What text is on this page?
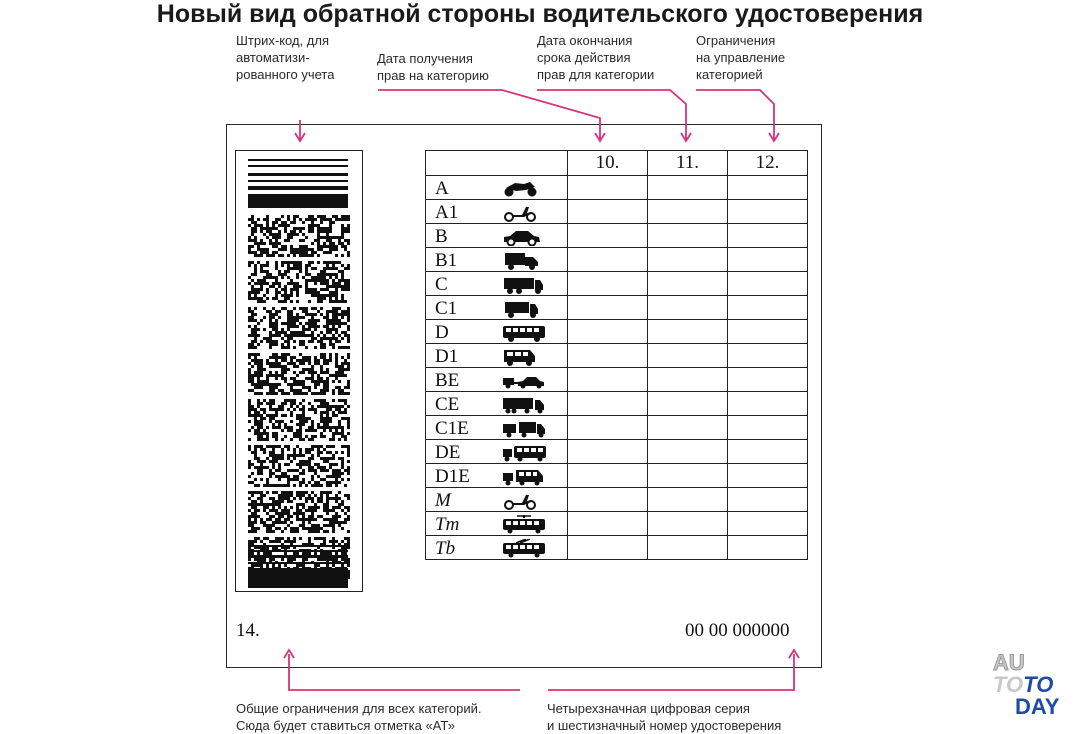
Новый вид обратной стороны водительского удостоверения
Штрих-код, для
автоматизи-
рованного учета
Дата получения
прав на категорию
Дата окончания
срока действия
прав для категории
Ограничения
на управление
категорией
	10.	11.	12.

A			

A1			

B			

B1			

C			

C1			

D			

D1			

BE			

CE			

C1E			

DE			

D1E			

M			

Tm			

Tb			

14.	00 00 000000
Общие ограничения для всех категорий.
Сюда будет ставиться отметка «АТ»
Четырехзначная цифровая серия
и шестизначный номер удостоверения
AU
TOTO
DAY
